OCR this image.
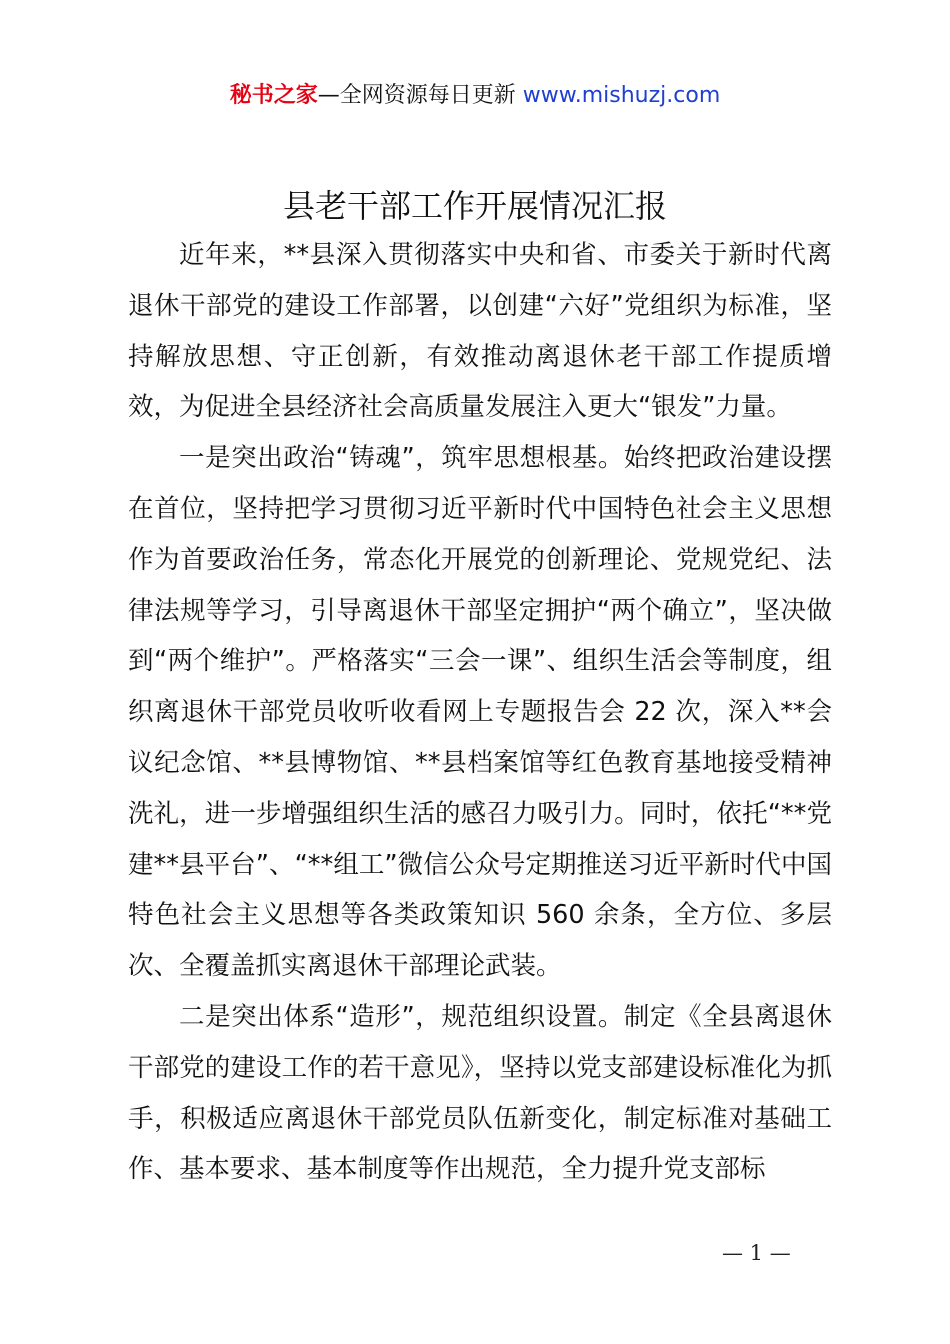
秘书之家—全网资源每日更新 www.mishuzj.com
县老干部工作开展情况汇报

近年来，**县深入贯彻落实中央和省、市委关于新时代离退休干部党的建设工作部署，以创建“六好”党组织为标准，坚持解放思想、守正创新，有效推动离退休老干部工作提质增效，为促进全县经济社会高质量发展注入更大“银发”力量。

一是突出政治“铸魂”，筑牢思想根基。始终把政治建设摆在首位，坚持把学习贯彻习近平新时代中国特色社会主义思想作为首要政治任务，常态化开展党的创新理论、党规党纪、法律法规等学习，引导离退休干部坚定拥护“两个确立”，坚决做到“两个维护”。严格落实“三会一课”、组织生活会等制度，组织离退休干部党员收听收看网上专题报告会 22 次，深入**会议纪念馆、**县博物馆、**县档案馆等红色教育基地接受精神洗礼，进一步增强组织生活的感召力吸引力。同时，依托“**党建**县平台”、“**组工”微信公众号定期推送习近平新时代中国特色社会主义思想等各类政策知识 560 余条，全方位、多层次、全覆盖抓实离退休干部理论武装。

二是突出体系“造形”，规范组织设置。制定《全县离退休干部党的建设工作的若干意见》，坚持以党支部建设标准化为抓手，积极适应离退休干部党员队伍新变化，制定标准对基础工作、基本要求、基本制度等作出规范，全力提升党支部标

— 1 —
